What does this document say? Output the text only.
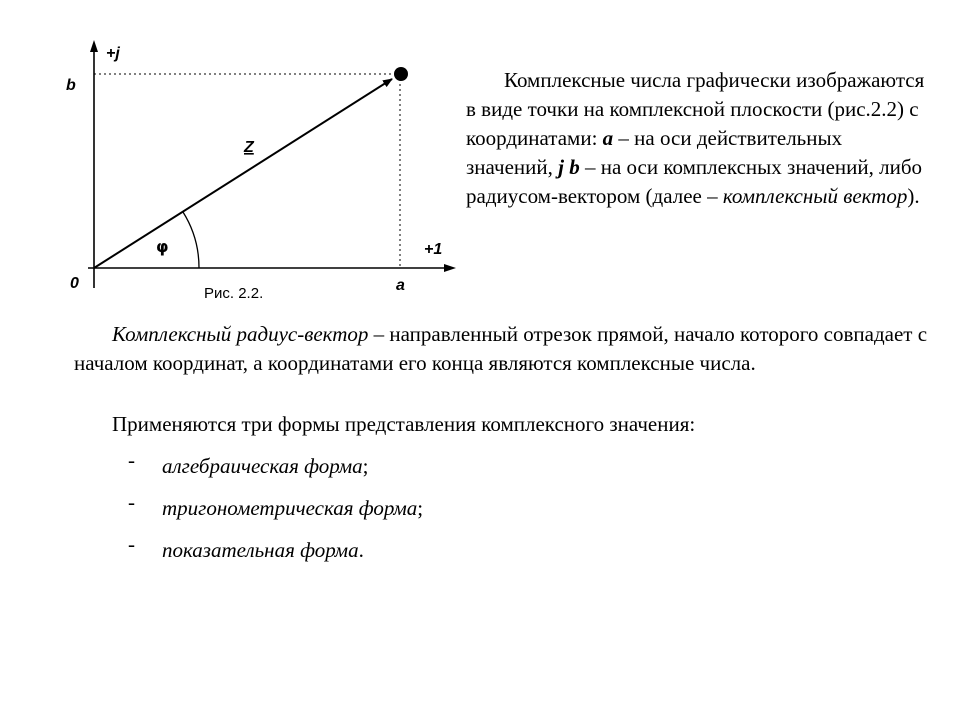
+j
+1
b
0	a
Z
φ
Рис. 2.2.

Комплексные числа графически изображаются в виде точки на комплексной плоскости (рис.2.2) с координатами: a – на оси действительных значений, j b – на оси комплексных значений, либо радиусом-вектором (далее – комплексный вектор).

Комплексный радиус-вектор – направленный отрезок прямой, начало которого совпадает с началом координат, а координатами его конца являются комплексные числа.

Применяются три формы представления комплексного значения:

- алгебраическая форма;
- тригонометрическая форма;
- показательная форма.
